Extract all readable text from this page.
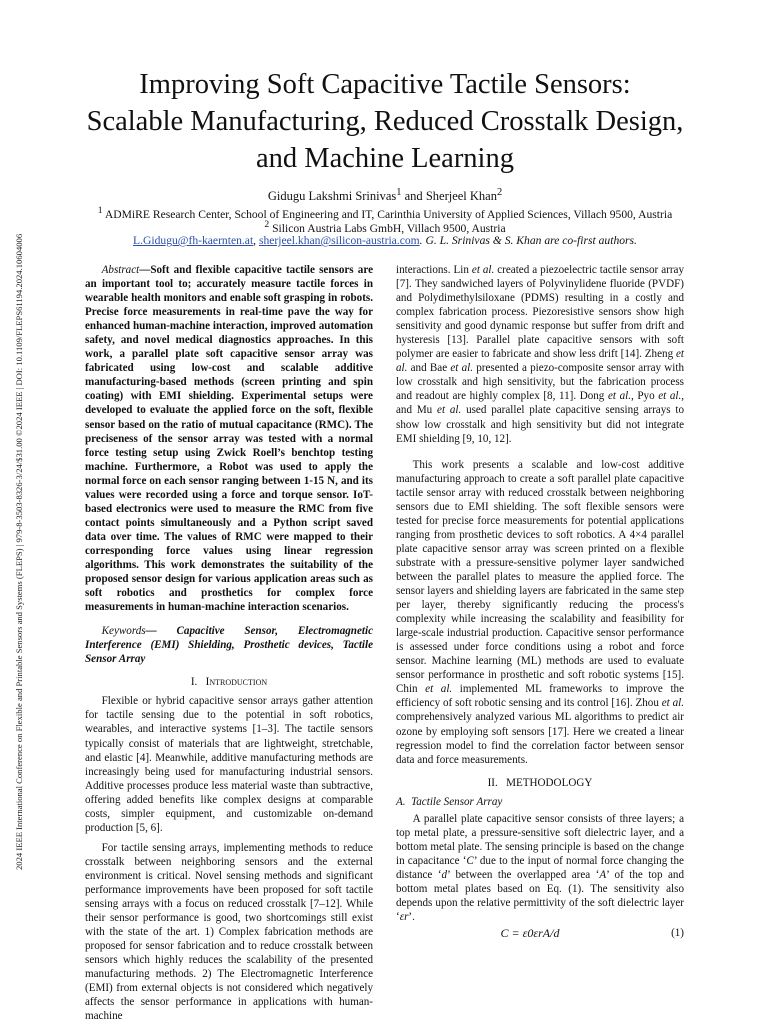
2024 IEEE International Conference on Flexible and Printable Sensors and Systems (FLEPS) | 979-8-3503-8326-3/24/$31.00 ©2024 IEEE | DOI: 10.1109/FLEPS61194.2024.10604006
Improving Soft Capacitive Tactile Sensors:
Scalable Manufacturing, Reduced Crosstalk Design,
and Machine Learning
Gidugu Lakshmi Srinivas$^1$ and Sherjeel Khan$^2$
$^1$ ADMiRE Research Center, School of Engineering and IT, Carinthia University of Applied Sciences, Villach 9500, Austria
$^2$ Silicon Austria Labs GmbH, Villach 9500, Austria
L.Gidugu@fh-kaernten.at, sherjeel.khan@silicon-austria.com. G. L. Srinivas & S. Khan are co-first authors.

Abstract—Soft and flexible capacitive tactile sensors are an important tool to; accurately measure tactile forces in wearable health monitors and enable soft grasping in robots. Precise force measurements in real-time pave the way for enhanced human-machine interaction, improved automation safety, and novel medical diagnostics approaches. In this work, a parallel plate soft capacitive sensor array was fabricated using low-cost and scalable additive manufacturing-based methods (screen printing and spin coating) with EMI shielding. Experimental setups were developed to evaluate the applied force on the soft, flexible sensor based on the ratio of mutual capacitance (RMC). The preciseness of the sensor array was tested with a normal force testing setup using Zwick Roell’s benchtop testing machine. Furthermore, a Robot was used to apply the normal force on each sensor ranging between 1-15 N, and its values were recorded using a force and torque sensor. IoT-based electronics were used to measure the RMC from five contact points simultaneously and a Python script saved data over time. The values of RMC were mapped to their corresponding force values using linear regression algorithms. This work demonstrates the suitability of the proposed sensor design for various application areas such as soft robotics and prosthetics for complex force measurements in human-machine interaction scenarios.

Keywords— Capacitive Sensor, Electromagnetic Interference (EMI) Shielding, Prosthetic devices, Tactile Sensor Array

I. Introduction

Flexible or hybrid capacitive sensor arrays gather attention for tactile sensing due to the potential in soft robotics, wearables, and interactive systems [1–3]. The tactile sensors typically consist of materials that are lightweight, stretchable, and elastic [4]. Meanwhile, additive manufacturing methods are increasingly being used for manufacturing industrial sensors. Additive processes produce less material waste than subtractive, offering added benefits like complex designs at comparable costs, simpler equipment, and customizable on-demand production [5, 6].

For tactile sensing arrays, implementing methods to reduce crosstalk between neighboring sensors and the external environment is critical. Novel sensing methods and significant performance improvements have been proposed for soft tactile sensing arrays with a focus on reduced crosstalk [7–12]. While their sensor performance is good, two shortcomings still exist with the state of the art. 1) Complex fabrication methods are proposed for sensor fabrication and to reduce crosstalk between sensors which highly reduces the scalability of the presented manufacturing methods. 2) The Electromagnetic Interference (EMI) from external objects is not considered which negatively affects the sensor performance in applications with human-machine

interactions. Lin et al. created a piezoelectric tactile sensor array [7]. They sandwiched layers of Polyvinylidene fluoride (PVDF) and Polydimethylsiloxane (PDMS) resulting in a costly and complex fabrication process. Piezoresistive sensors show high sensitivity and good dynamic response but suffer from drift and hysteresis [13]. Parallel plate capacitive sensors with soft polymer are easier to fabricate and show less drift [14]. Zheng et al. and Bae et al. presented a piezo-composite sensor array with low crosstalk and high sensitivity, but the fabrication process and readout are highly complex [8, 11]. Dong et al., Pyo et al., and Mu et al. used parallel plate capacitive sensing arrays to show low crosstalk and high sensitivity but did not integrate EMI shielding [9, 10, 12].

This work presents a scalable and low-cost additive manufacturing approach to create a soft parallel plate capacitive tactile sensor array with reduced crosstalk between neighboring sensors due to EMI shielding. The soft flexible sensors were tested for precise force measurements for potential applications ranging from prosthetic devices to soft robotics. A 4×4 parallel plate capacitive sensor array was screen printed on a flexible substrate with a pressure-sensitive polymer layer sandwiched between the parallel plates to measure the applied force. The sensor layers and shielding layers are fabricated in the same step per layer, thereby significantly reducing the process's complexity while increasing the scalability and feasibility for large-scale industrial production. Capacitive sensor performance is assessed under force conditions using a robot and force sensor. Machine learning (ML) methods are used to evaluate sensor performance in prosthetic and soft robotic systems [15]. Chin et al. implemented ML frameworks to improve the efficiency of soft robotic sensing and its control [16]. Zhou et al. comprehensively analyzed various ML algorithms to predict air ozone by employing soft sensors [17]. Here we created a linear regression model to find the correlation factor between sensor data and force measurements.

II. METHODOLOGY
A. Tactile Sensor Array

A parallel plate capacitive sensor consists of three layers; a top metal plate, a pressure-sensitive soft dielectric layer, and a bottom metal plate. The sensing principle is based on the change in capacitance ‘C’ due to the input of normal force changing the distance ‘d’ between the overlapped area ‘A’ of the top and bottom metal plates based on Eq. (1). The sensitivity also depends upon the relative permittivity of the soft dielectric layer ‘εr’.

C = ε0εrA/d	(1)
